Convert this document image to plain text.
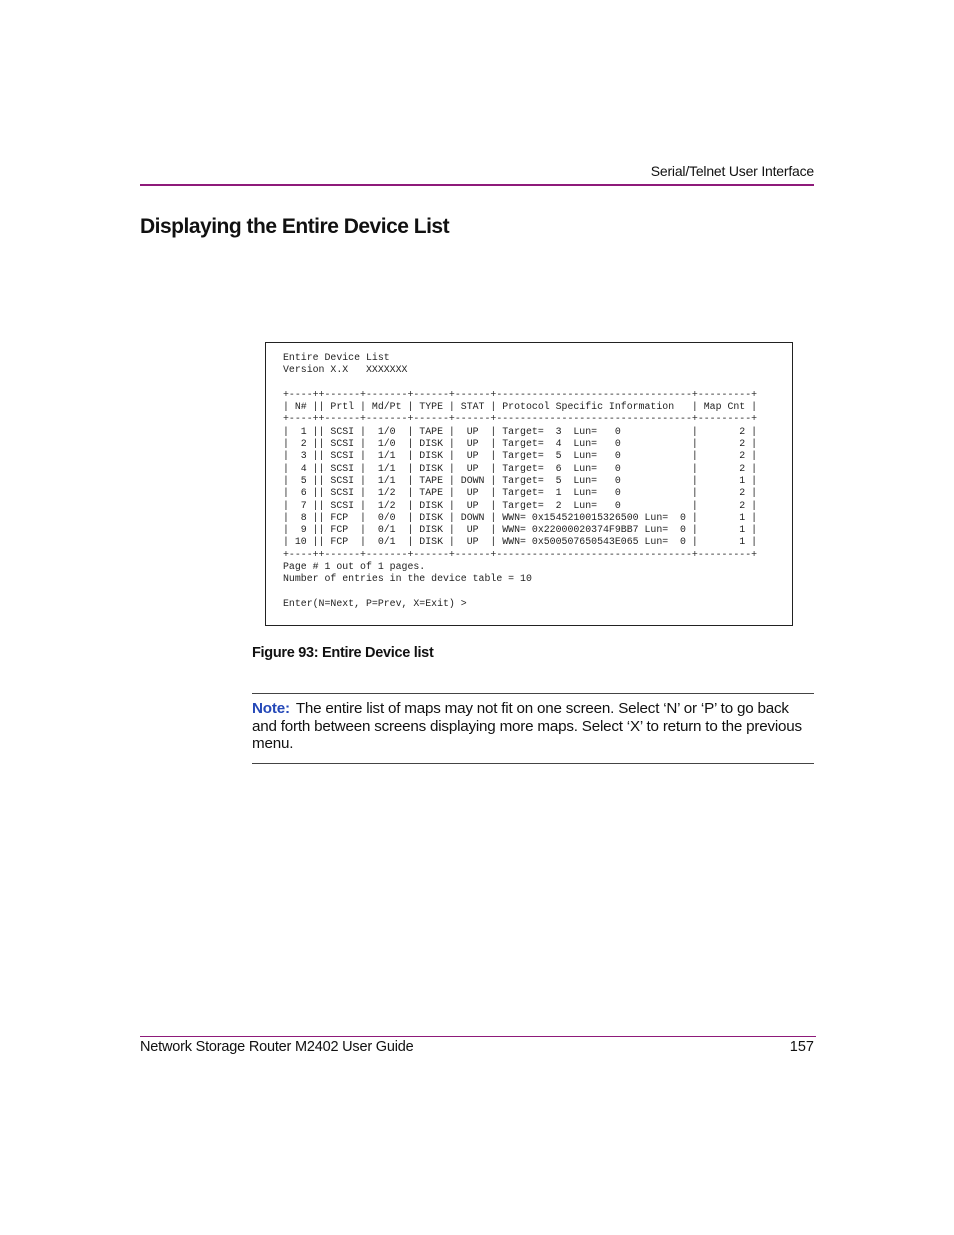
Serial/Telnet User Interface
Displaying the Entire Device List
Entire Device List
Version X.X   XXXXXXX

+----++------+-------+------+------+---------------------------------+---------+
| N# || Prtl | Md/Pt | TYPE | STAT | Protocol Specific Information   | Map Cnt |
+----++------+-------+------+------+---------------------------------+---------+
|  1 || SCSI |  1/0  | TAPE |  UP  | Target=  3  Lun=   0            |       2 |
|  2 || SCSI |  1/0  | DISK |  UP  | Target=  4  Lun=   0            |       2 |
|  3 || SCSI |  1/1  | DISK |  UP  | Target=  5  Lun=   0            |       2 |
|  4 || SCSI |  1/1  | DISK |  UP  | Target=  6  Lun=   0            |       2 |
|  5 || SCSI |  1/1  | TAPE | DOWN | Target=  5  Lun=   0            |       1 |
|  6 || SCSI |  1/2  | TAPE |  UP  | Target=  1  Lun=   0            |       2 |
|  7 || SCSI |  1/2  | DISK |  UP  | Target=  2  Lun=   0            |       2 |
|  8 || FCP  |  0/0  | DISK | DOWN | WWN= 0x1545210015326500 Lun=  0 |       1 |
|  9 || FCP  |  0/1  | DISK |  UP  | WWN= 0x22000020374F9BB7 Lun=  0 |       1 |
| 10 || FCP  |  0/1  | DISK |  UP  | WWN= 0x500507650543E065 Lun=  0 |       1 |
+----++------+-------+------+------+---------------------------------+---------+
Page # 1 out of 1 pages.
Number of entries in the device table = 10

Enter(N=Next, P=Prev, X=Exit) >
Figure 93: Entire Device list
Note: The entire list of maps may not fit on one screen. Select ‘N’ or ‘P’ to go back and forth between screens displaying more maps. Select ‘X’ to return to the previous menu.
Network Storage Router M2402 User Guide	157
